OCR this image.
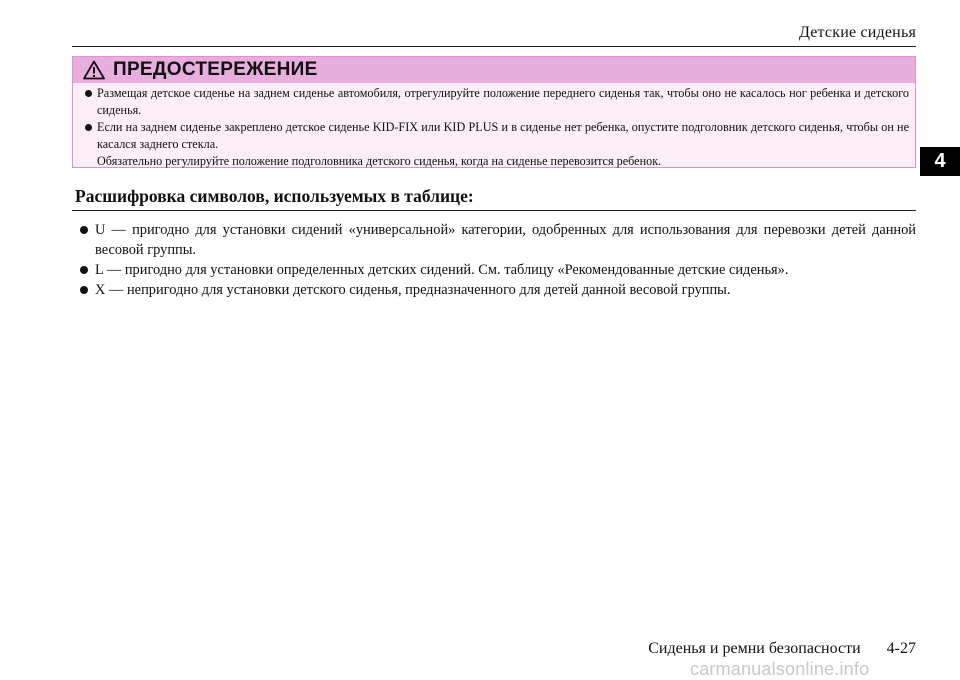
Детские сиденья
4
ПРЕДОСТЕРЕЖЕНИЕ
Размещая детское сиденье на заднем сиденье автомобиля, отрегулируйте положение переднего сиденья так, чтобы оно не касалось ног ребенка и детского сиденья.
Если на заднем сиденье закреплено детское сиденье KID-FIX или KID PLUS и в сиденье нет ребенка, опустите подголовник детского сиденья, чтобы он не касался заднего стекла.
Обязательно регулируйте положение подголовника детского сиденья, когда на сиденье перевозится ребенок.
Расшифровка символов, используемых в таблице:
U — пригодно для установки сидений «универсальной» категории, одобренных для использования для перевозки детей данной весовой группы.
L — пригодно для установки определенных детских сидений. См. таблицу «Рекомендованные детские сиденья».
X — непригодно для установки детского сиденья, предназначенного для детей данной весовой группы.
Сиденья и ремни безопасности 4-27
carmanualsonline.info
